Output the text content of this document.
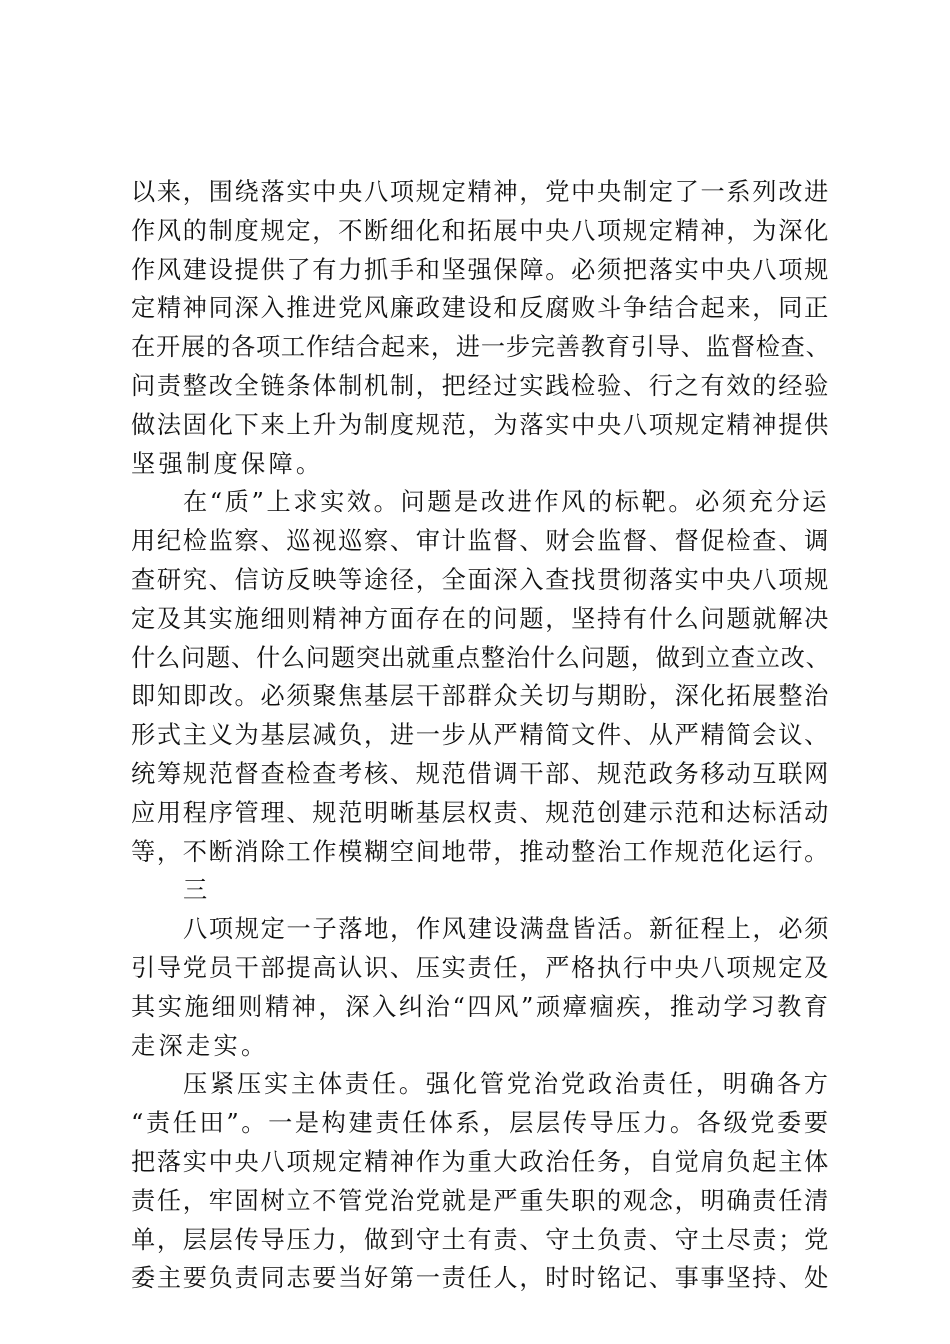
以来，围绕落实中央八项规定精神，党中央制定了一系列改进
作风的制度规定，不断细化和拓展中央八项规定精神，为深化
作风建设提供了有力抓手和坚强保障。必须把落实中央八项规
定精神同深入推进党风廉政建设和反腐败斗争结合起来，同正
在开展的各项工作结合起来，进一步完善教育引导、监督检查、
问责整改全链条体制机制，把经过实践检验、行之有效的经验
做法固化下来上升为制度规范，为落实中央八项规定精神提供
坚强制度保障。
在“质”上求实效。问题是改进作风的标靶。必须充分运
用纪检监察、巡视巡察、审计监督、财会监督、督促检查、调
查研究、信访反映等途径，全面深入查找贯彻落实中央八项规
定及其实施细则精神方面存在的问题，坚持有什么问题就解决
什么问题、什么问题突出就重点整治什么问题，做到立查立改、
即知即改。必须聚焦基层干部群众关切与期盼，深化拓展整治
形式主义为基层减负，进一步从严精简文件、从严精简会议、
统筹规范督查检查考核、规范借调干部、规范政务移动互联网
应用程序管理、规范明晰基层权责、规范创建示范和达标活动
等，不断消除工作模糊空间地带，推动整治工作规范化运行。
三
八项规定一子落地，作风建设满盘皆活。新征程上，必须
引导党员干部提高认识、压实责任，严格执行中央八项规定及
其实施细则精神，深入纠治“四风”顽瘴痼疾，推动学习教育
走深走实。
压紧压实主体责任。强化管党治党政治责任，明确各方
“责任田”。一是构建责任体系，层层传导压力。各级党委要
把落实中央八项规定精神作为重大政治任务，自觉肩负起主体
责任，牢固树立不管党治党就是严重失职的观念，明确责任清
单，层层传导压力，做到守土有责、守土负责、守土尽责；党
委主要负责同志要当好第一责任人，时时铭记、事事坚持、处
